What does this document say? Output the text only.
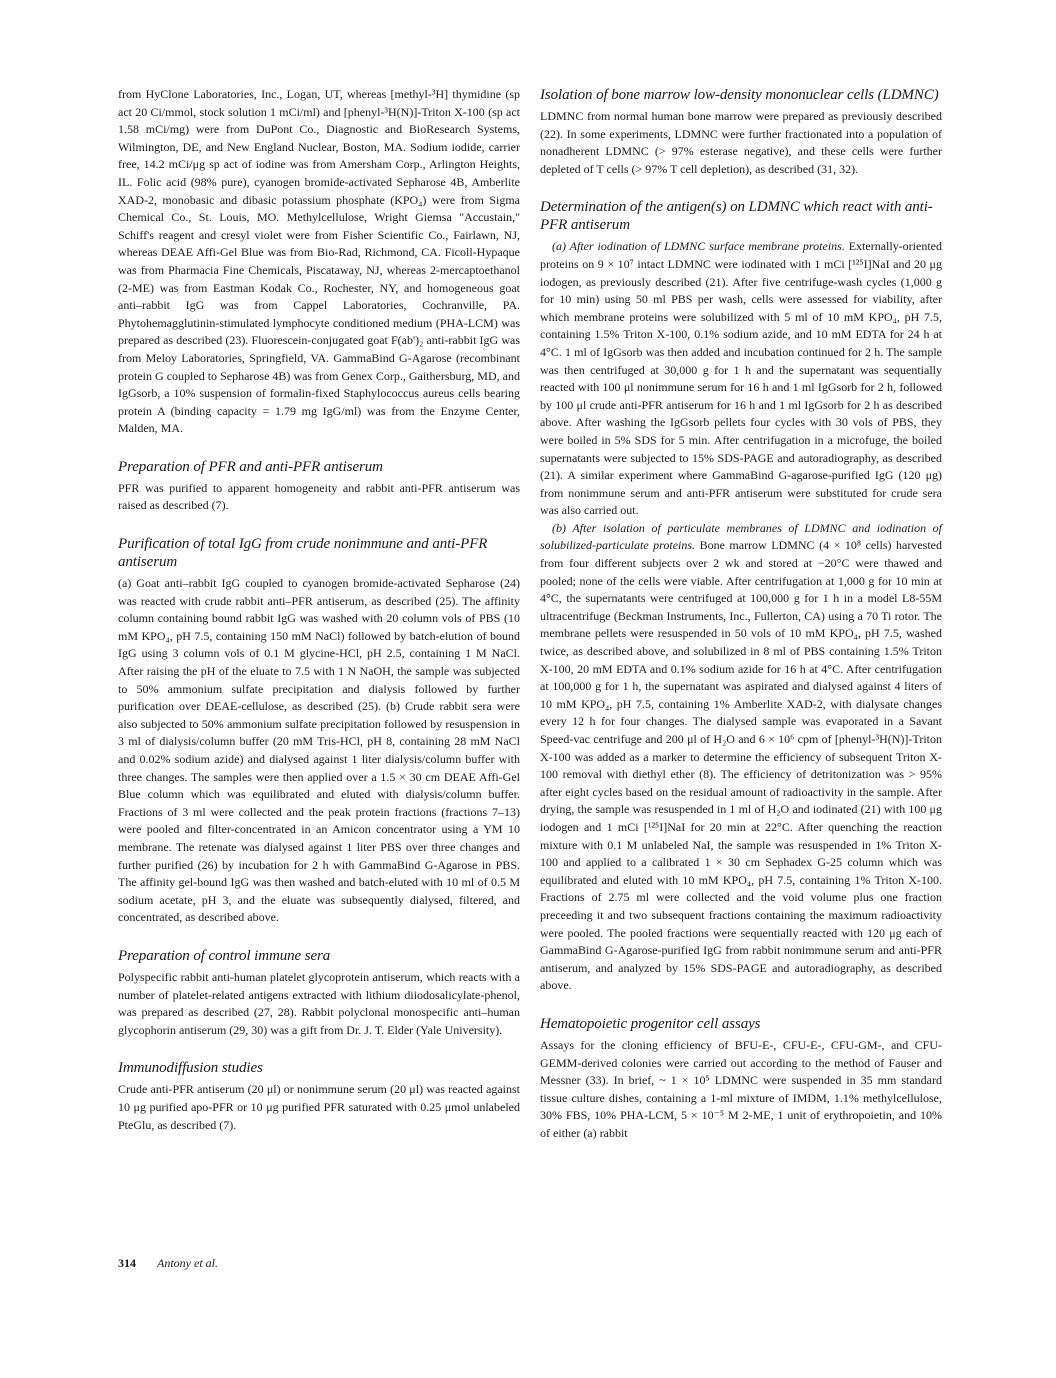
from HyClone Laboratories, Inc., Logan, UT, whereas [methyl-³H] thymidine (sp act 20 Ci/mmol, stock solution 1 mCi/ml) and [phenyl-³H(N)]-Triton X-100 (sp act 1.58 mCi/mg) were from DuPont Co., Diagnostic and BioResearch Systems, Wilmington, DE, and New England Nuclear, Boston, MA. Sodium iodide, carrier free, 14.2 mCi/μg sp act of iodine was from Amersham Corp., Arlington Heights, IL. Folic acid (98% pure), cyanogen bromide-activated Sepharose 4B, Amberlite XAD-2, monobasic and dibasic potassium phosphate (KPO₄) were from Sigma Chemical Co., St. Louis, MO. Methylcellulose, Wright Giemsa "Accustain," Schiff's reagent and cresyl violet were from Fisher Scientific Co., Fairlawn, NJ, whereas DEAE Affi-Gel Blue was from Bio-Rad, Richmond, CA. Ficoll-Hypaque was from Pharmacia Fine Chemicals, Piscataway, NJ, whereas 2-mercaptoethanol (2-ME) was from Eastman Kodak Co., Rochester, NY, and homogeneous goat anti–rabbit IgG was from Cappel Laboratories, Cochranville, PA. Phytohemagglutinin-stimulated lymphocyte conditioned medium (PHA-LCM) was prepared as described (23). Fluorescein-conjugated goat F(ab')₂ anti-rabbit IgG was from Meloy Laboratories, Springfield, VA. GammaBind G-Agarose (recombinant protein G coupled to Sepharose 4B) was from Genex Corp., Gaithersburg, MD, and IgGsorb, a 10% suspension of formalin-fixed Staphylococcus aureus cells bearing protein A (binding capacity = 1.79 mg IgG/ml) was from the Enzyme Center, Malden, MA.

Preparation of PFR and anti-PFR antiserum

PFR was purified to apparent homogeneity and rabbit anti-PFR antiserum was raised as described (7).

Purification of total IgG from crude nonimmune and anti-PFR antiserum

(a) Goat anti–rabbit IgG coupled to cyanogen bromide-activated Sepharose (24) was reacted with crude rabbit anti–PFR antiserum, as described (25). The affinity column containing bound rabbit IgG was washed with 20 column vols of PBS (10 mM KPO₄, pH 7.5, containing 150 mM NaCl) followed by batch-elution of bound IgG using 3 column vols of 0.1 M glycine-HCl, pH 2.5, containing 1 M NaCl. After raising the pH of the eluate to 7.5 with 1 N NaOH, the sample was subjected to 50% ammonium sulfate precipitation and dialysis followed by further purification over DEAE-cellulose, as described (25). (b) Crude rabbit sera were also subjected to 50% ammonium sulfate precipitation followed by resuspension in 3 ml of dialysis/column buffer (20 mM Tris-HCl, pH 8, containing 28 mM NaCl and 0.02% sodium azide) and dialysed against 1 liter dialysis/column buffer with three changes. The samples were then applied over a 1.5 × 30 cm DEAE Affi-Gel Blue column which was equilibrated and eluted with dialysis/column buffer. Fractions of 3 ml were collected and the peak protein fractions (fractions 7–13) were pooled and filter-concentrated in an Amicon concentrator using a YM 10 membrane. The retenate was dialysed against 1 liter PBS over three changes and further purified (26) by incubation for 2 h with GammaBind G-Agarose in PBS. The affinity gel-bound IgG was then washed and batch-eluted with 10 ml of 0.5 M sodium acetate, pH 3, and the eluate was subsequently dialysed, filtered, and concentrated, as described above.

Preparation of control immune sera

Polyspecific rabbit anti-human platelet glycoprotein antiserum, which reacts with a number of platelet-related antigens extracted with lithium diiodosalicylate-phenol, was prepared as described (27, 28). Rabbit polyclonal monospecific anti–human glycophorin antiserum (29, 30) was a gift from Dr. J. T. Elder (Yale University).

Immunodiffusion studies

Crude anti-PFR antiserum (20 μl) or nonimmune serum (20 μl) was reacted against 10 μg purified apo-PFR or 10 μg purified PFR saturated with 0.25 μmol unlabeled PteGlu, as described (7).

Isolation of bone marrow low-density mononuclear cells (LDMNC)

LDMNC from normal human bone marrow were prepared as previously described (22). In some experiments, LDMNC were further fractionated into a population of nonadherent LDMNC (> 97% esterase negative), and these cells were further depleted of T cells (> 97% T cell depletion), as described (31, 32).

Determination of the antigen(s) on LDMNC which react with anti-PFR antiserum

(a) After iodination of LDMNC surface membrane proteins. Externally-oriented proteins on 9 × 10⁷ intact LDMNC were iodinated with 1 mCi [¹²⁵I]NaI and 20 μg iodogen, as previously described (21). After five centrifuge-wash cycles (1,000 g for 10 min) using 50 ml PBS per wash, cells were assessed for viability, after which membrane proteins were solubilized with 5 ml of 10 mM KPO₄, pH 7.5, containing 1.5% Triton X-100, 0.1% sodium azide, and 10 mM EDTA for 24 h at 4°C. 1 ml of IgGsorb was then added and incubation continued for 2 h. The sample was then centrifuged at 30,000 g for 1 h and the supernatant was sequentially reacted with 100 μl nonimmune serum for 16 h and 1 ml IgGsorb for 2 h, followed by 100 μl crude anti-PFR antiserum for 16 h and 1 ml IgGsorb for 2 h as described above. After washing the IgGsorb pellets four cycles with 30 vols of PBS, they were boiled in 5% SDS for 5 min. After centrifugation in a microfuge, the boiled supernatants were subjected to 15% SDS-PAGE and autoradiography, as described (21). A similar experiment where GammaBind G-agarose-purified IgG (120 μg) from nonimmune serum and anti-PFR antiserum were substituted for crude sera was also carried out.

(b) After isolation of particulate membranes of LDMNC and iodination of solubilized-particulate proteins. Bone marrow LDMNC (4 × 10⁸ cells) harvested from four different subjects over 2 wk and stored at −20°C were thawed and pooled; none of the cells were viable. After centrifugation at 1,000 g for 10 min at 4°C, the supernatants were centrifuged at 100,000 g for 1 h in a model L8-55M ultracentrifuge (Beckman Instruments, Inc., Fullerton, CA) using a 70 Ti rotor. The membrane pellets were resuspended in 50 vols of 10 mM KPO₄, pH 7.5, washed twice, as described above, and solubilized in 8 ml of PBS containing 1.5% Triton X-100, 20 mM EDTA and 0.1% sodium azide for 16 h at 4°C. After centrifugation at 100,000 g for 1 h, the supernatant was aspirated and dialysed against 4 liters of 10 mM KPO₄, pH 7.5, containing 1% Amberlite XAD-2, with dialysate changes every 12 h for four changes. The dialysed sample was evaporated in a Savant Speed-vac centrifuge and 200 μl of H₂O and 6 × 10⁶ cpm of [phenyl-³H(N)]-Triton X-100 was added as a marker to determine the efficiency of subsequent Triton X-100 removal with diethyl ether (8). The efficiency of detritonization was > 95% after eight cycles based on the residual amount of radioactivity in the sample. After drying, the sample was resuspended in 1 ml of H₂O and iodinated (21) with 100 μg iodogen and 1 mCi [¹²⁵I]NaI for 20 min at 22°C. After quenching the reaction mixture with 0.1 M unlabeled NaI, the sample was resuspended in 1% Triton X-100 and applied to a calibrated 1 × 30 cm Sephadex G-25 column which was equilibrated and eluted with 10 mM KPO₄, pH 7.5, containing 1% Triton X-100. Fractions of 2.75 ml were collected and the void volume plus one fraction preceeding it and two subsequent fractions containing the maximum radioactivity were pooled. The pooled fractions were sequentially reacted with 120 μg each of GammaBind G-Agarose-purified IgG from rabbit nonimmune serum and anti-PFR antiserum, and analyzed by 15% SDS-PAGE and autoradiography, as described above.

Hematopoietic progenitor cell assays

Assays for the cloning efficiency of BFU-E-, CFU-E-, CFU-GM-, and CFU-GEMM-derived colonies were carried out according to the method of Fauser and Messner (33). In brief, ~ 1 × 10⁵ LDMNC were suspended in 35 mm standard tissue culture dishes, containing a 1-ml mixture of IMDM, 1.1% methylcellulose, 30% FBS, 10% PHA-LCM, 5 × 10⁻⁵ M 2-ME, 1 unit of erythropoietin, and 10% of either (a) rabbit

314 Antony et al.
